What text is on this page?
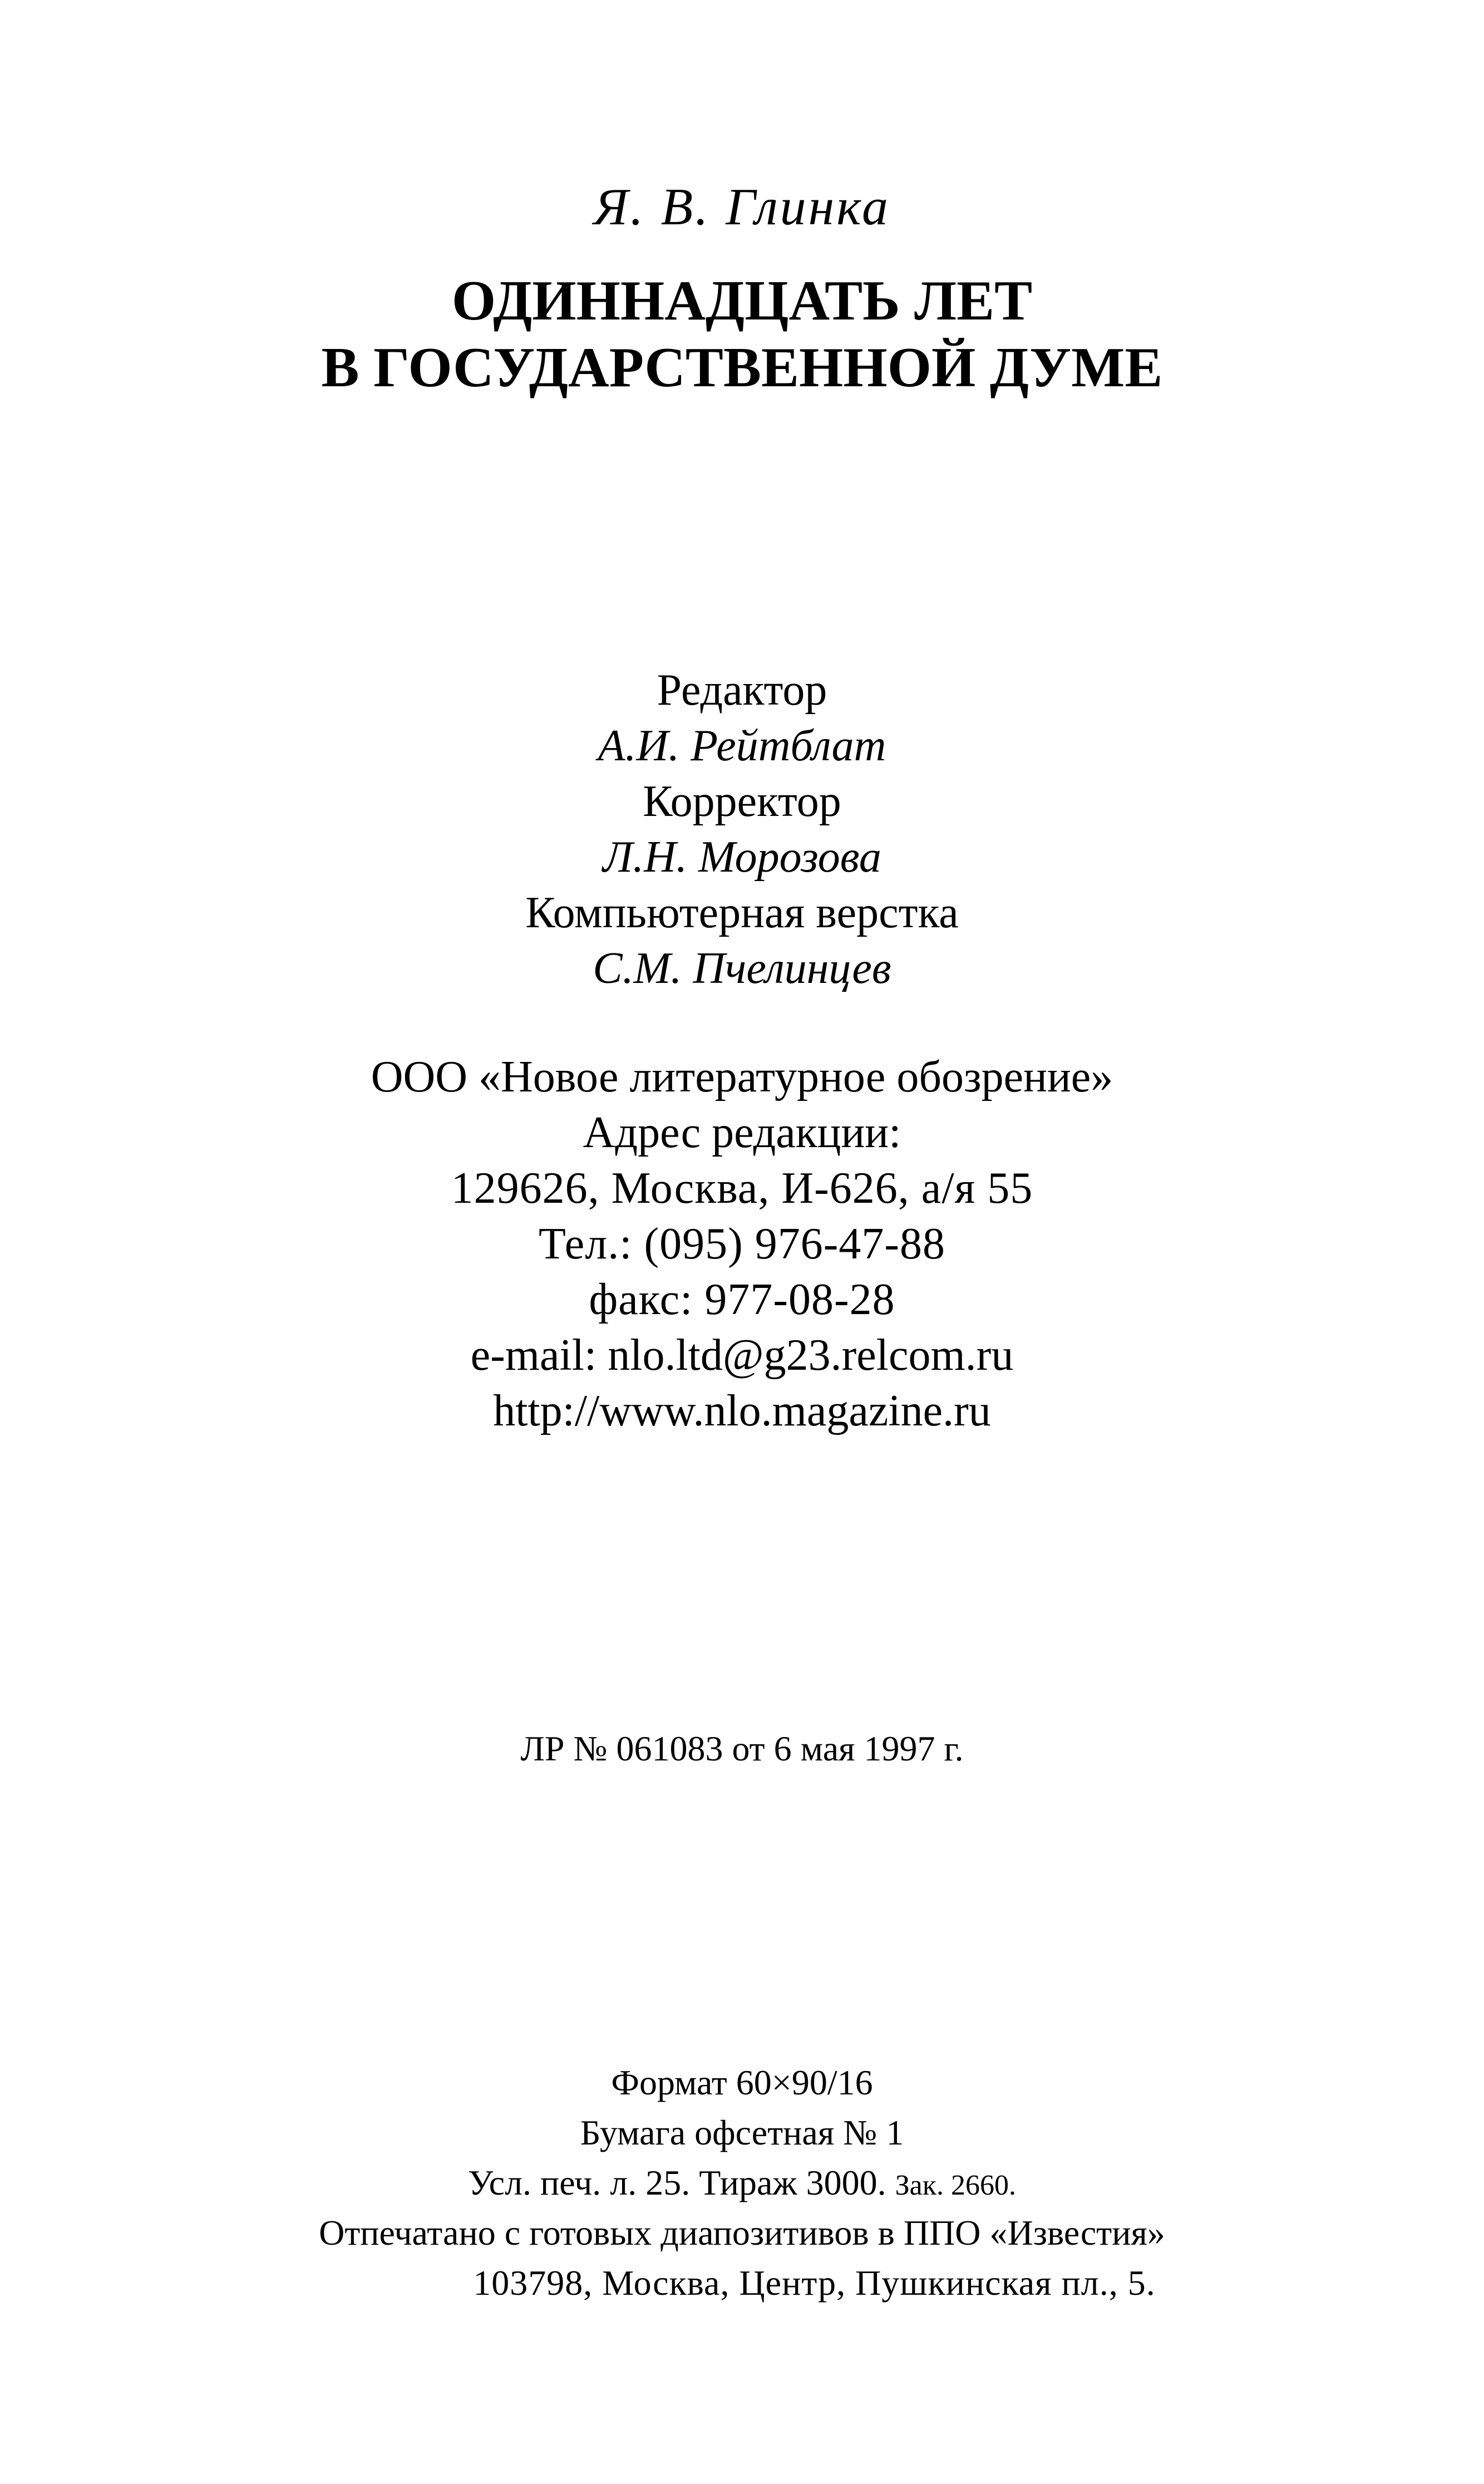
Я. В. Глинка
ОДИННАДЦАТЬ ЛЕТ
В ГОСУДАРСТВЕННОЙ ДУМЕ
Редактор
А.И. Рейтблат
Корректор
Л.Н. Морозова
Компьютерная верстка
С.М. Пчелинцев
ООО «Новое литературное обозрение»
Адрес редакции:
129626, Москва, И-626, а/я 55
Тел.: (095) 976-47-88
факс: 977-08-28
e-mail: nlo.ltd@g23.relcom.ru
http://www.nlo.magazine.ru
ЛР № 061083 от 6 мая 1997 г.
Формат 60×90/16
Бумага офсетная № 1
Усл. печ. л. 25. Тираж 3000. Зак. 2660.
Отпечатано с готовых диапозитивов в ППО «Известия»
103798, Москва, Центр, Пушкинская пл., 5.
